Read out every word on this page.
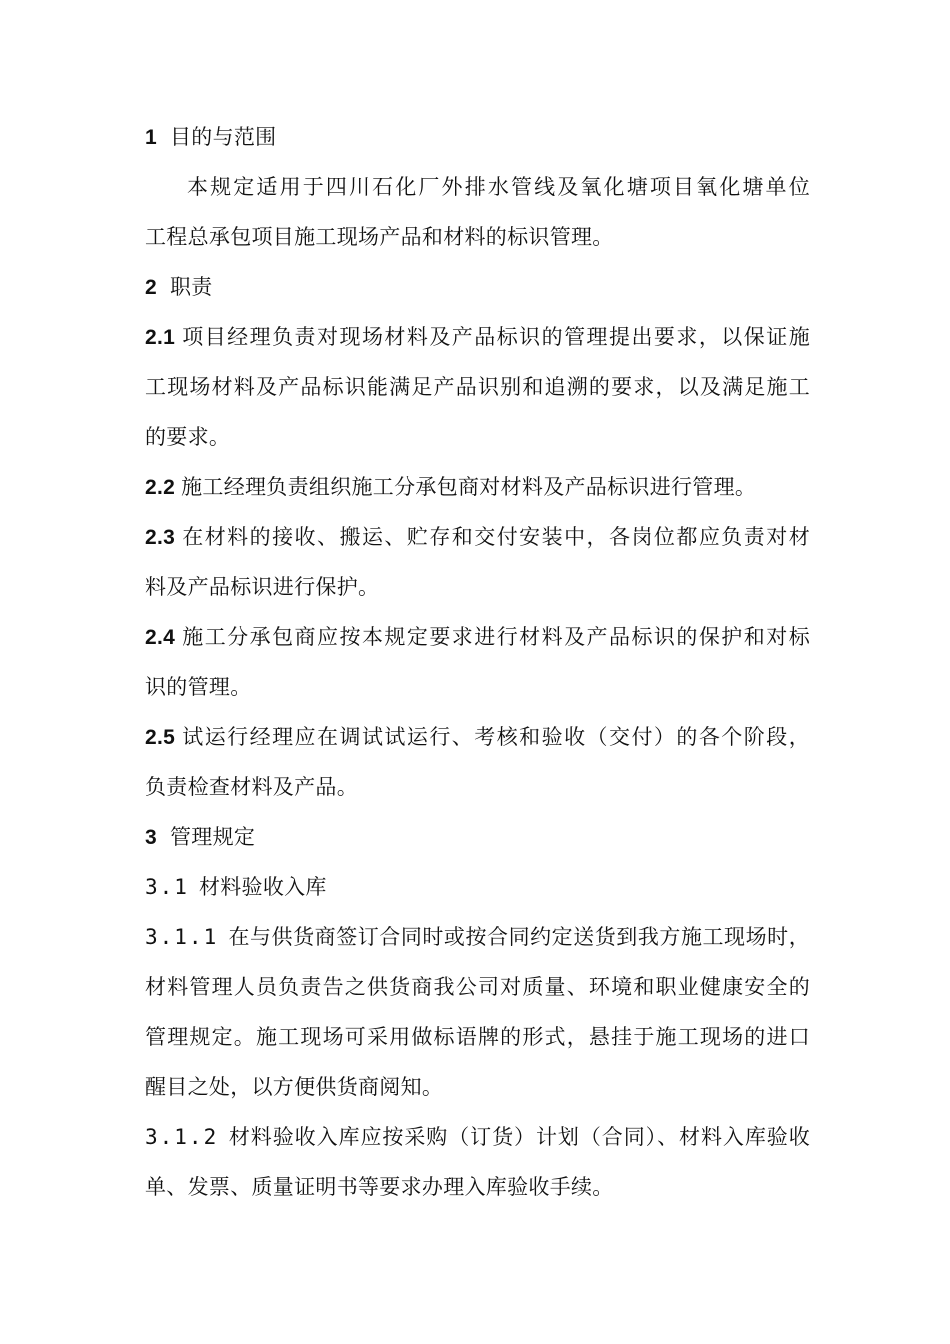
1 目的与范围
本规定适用于四川石化厂外排水管线及氧化塘项目氧化塘单位
工程总承包项目施工现场产品和材料的标识管理。
2 职责
2.1 项目经理负责对现场材料及产品标识的管理提出要求，以保证施
工现场材料及产品标识能满足产品识别和追溯的要求，以及满足施工
的要求。
2.2 施工经理负责组织施工分承包商对材料及产品标识进行管理。
2.3 在材料的接收、搬运、贮存和交付安装中，各岗位都应负责对材
料及产品标识进行保护。
2.4 施工分承包商应按本规定要求进行材料及产品标识的保护和对标
识的管理。
2.5 试运行经理应在调试试运行、考核和验收（交付）的各个阶段，
负责检查材料及产品。
3 管理规定
3.1 材料验收入库
3.1.1 在与供货商签订合同时或按合同约定送货到我方施工现场时，
材料管理人员负责告之供货商我公司对质量、环境和职业健康安全的
管理规定。施工现场可采用做标语牌的形式，悬挂于施工现场的进口
醒目之处，以方便供货商阅知。
3.1.2 材料验收入库应按采购（订货）计划（合同）、材料入库验收
单、发票、质量证明书等要求办理入库验收手续。
